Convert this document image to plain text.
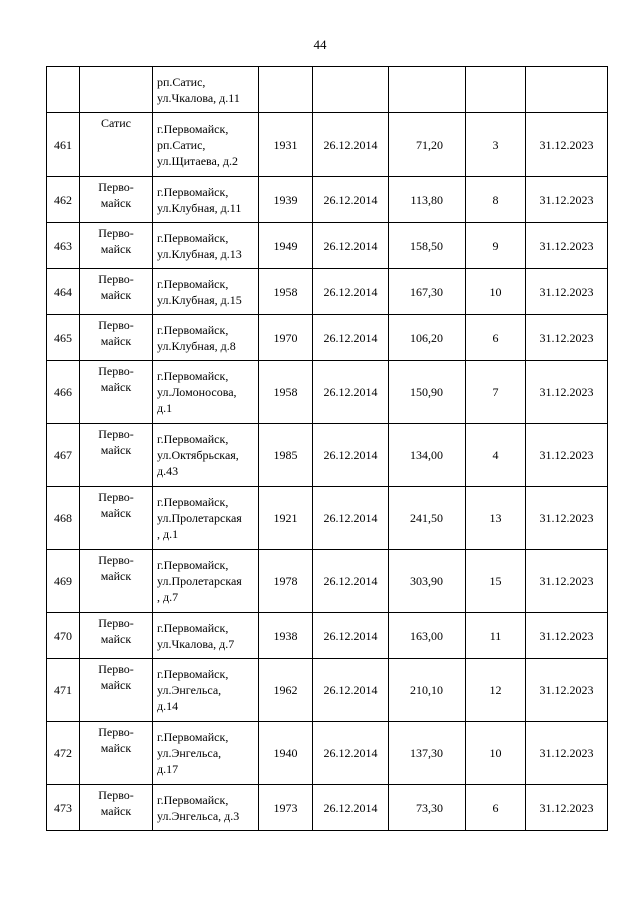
44
		рп.Сатис,
ул.Чкалова, д.11					
461	Сатис	г.Первомайск,
рп.Сатис,
ул.Щитаева, д.2	1931	26.12.2014	71,20	3	31.12.2023
462	Перво-
майск	г.Первомайск,
ул.Клубная, д.11	1939	26.12.2014	113,80	8	31.12.2023
463	Перво-
майск	г.Первомайск,
ул.Клубная, д.13	1949	26.12.2014	158,50	9	31.12.2023
464	Перво-
майск	г.Первомайск,
ул.Клубная, д.15	1958	26.12.2014	167,30	10	31.12.2023
465	Перво-
майск	г.Первомайск,
ул.Клубная, д.8	1970	26.12.2014	106,20	6	31.12.2023
466	Перво-
майск	г.Первомайск,
ул.Ломоносова,
д.1	1958	26.12.2014	150,90	7	31.12.2023
467	Перво-
майск	г.Первомайск,
ул.Октябрьская,
д.43	1985	26.12.2014	134,00	4	31.12.2023
468	Перво-
майск	г.Первомайск,
ул.Пролетарская
, д.1	1921	26.12.2014	241,50	13	31.12.2023
469	Перво-
майск	г.Первомайск,
ул.Пролетарская
, д.7	1978	26.12.2014	303,90	15	31.12.2023
470	Перво-
майск	г.Первомайск,
ул.Чкалова, д.7	1938	26.12.2014	163,00	11	31.12.2023
471	Перво-
майск	г.Первомайск,
ул.Энгельса,
д.14	1962	26.12.2014	210,10	12	31.12.2023
472	Перво-
майск	г.Первомайск,
ул.Энгельса,
д.17	1940	26.12.2014	137,30	10	31.12.2023
473	Перво-
майск	г.Первомайск,
ул.Энгельса, д.3	1973	26.12.2014	73,30	6	31.12.2023
